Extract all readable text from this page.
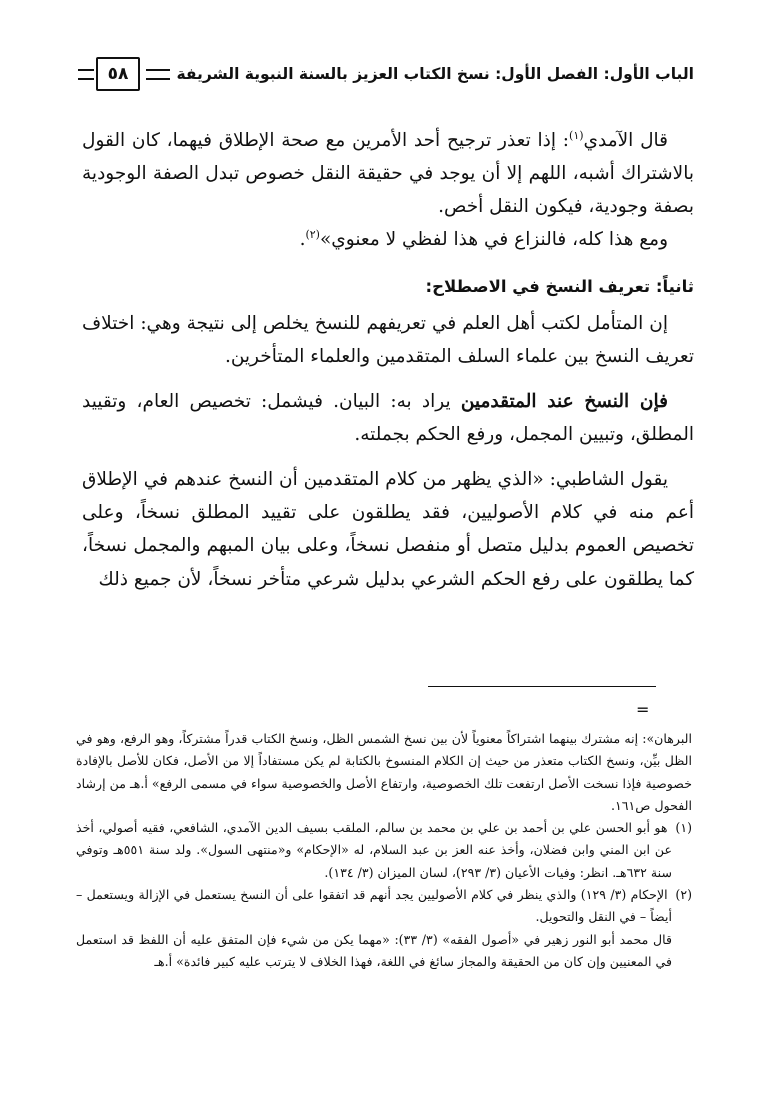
الباب الأول: الفصل الأول: نسخ الكتاب العزيز بالسنة النبوية الشريفة
٥٨

قال الآمدي$^{(١)}$: إذا تعذر ترجيح أحد الأمرين مع صحة الإطلاق فيهما، كان القول بالاشتراك أشبه، اللهم إلا أن يوجد في حقيقة النقل خصوص تبدل الصفة الوجودية بصفة وجودية، فيكون النقل أخص.

ومع هذا كله، فالنزاع في هذا لفظي لا معنوي»$^{(٢)}$.

ثانياً: تعريف النسخ في الاصطلاح:

إن المتأمل لكتب أهل العلم في تعريفهم للنسخ يخلص إلى نتيجة وهي: اختلاف تعريف النسخ بين علماء السلف المتقدمين والعلماء المتأخرين.

فإن النسخ عند المتقدمين يراد به: البيان. فيشمل: تخصيص العام، وتقييد المطلق، وتبيين المجمل، ورفع الحكم بجملته.

يقول الشاطبي: «الذي يظهر من كلام المتقدمين أن النسخ عندهم في الإطلاق أعم منه في كلام الأصوليين، فقد يطلقون على تقييد المطلق نسخاً، وعلى تخصيص العموم بدليل متصل أو منفصل نسخاً، وعلى بيان المبهم والمجمل نسخاً، كما يطلقون على رفع الحكم الشرعي بدليل شرعي متأخر نسخاً، لأن جميع ذلك

=

البرهان»: إنه مشترك بينهما اشتراكاً معنوياً لأن بين نسخ الشمس الظل، ونسخ الكتاب قدراً مشتركاً، وهو الرفع، وهو في الظل بيِّن، ونسخ الكتاب متعذر من حيث إن الكلام المنسوخ بالكتابة لم يكن مستفاداً إلا من الأصل، فكان للأصل بالإفادة خصوصية فإذا نسخت الأصل ارتفعت تلك الخصوصية، وارتفاع الأصل والخصوصية سواء في مسمى الرفع» أ.هـ من إرشاد الفحول ص١٦١.

(١) هو أبو الحسن علي بن أحمد بن علي بن محمد بن سالم، الملقب بسيف الدين الآمدي، الشافعي، فقيه أصولي، أخذ عن ابن المني وابن فضلان، وأخذ عنه العز بن عبد السلام، له «الإحكام» و«منتهى السول». ولد سنة ٥٥١هـ وتوفي سنة ٦٣٢هـ. انظر: وفيات الأعيان (٣/ ٢٩٣)، لسان الميزان (٣/ ١٣٤).

(٢) الإحكام (٣/ ١٢٩) والذي ينظر في كلام الأصوليين يجد أنهم قد اتفقوا على أن النسخ يستعمل في الإزالة ويستعمل – أيضاً – في النقل والتحويل.

قال محمد أبو النور زهير في «أصول الفقه» (٣/ ٣٣): «مهما يكن من شيء فإن المتفق عليه أن اللفظ قد استعمل في المعنيين وإن كان من الحقيقة والمجاز سائغ في اللغة، فهذا الخلاف لا يترتب عليه كبير فائدة» أ.هـ
